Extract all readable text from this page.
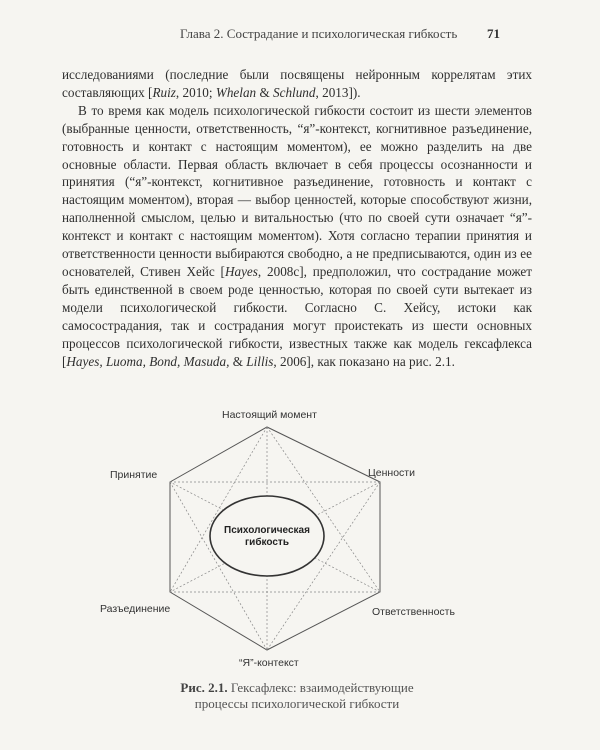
Глава 2. Сострадание и психологическая гибкость 71

исследованиями (последние были посвящены нейронным коррелятам этих составляющих [Ruiz, 2010; Whelan & Schlund, 2013]).

В то время как модель психологической гибкости состоит из шести элементов (выбранные ценности, ответственность, “я”-контекст, когнитивное разъединение, готовность и контакт с настоящим моментом), ее можно разделить на две основные области. Первая область включает в себя процессы осознанности и принятия (“я”-контекст, когнитивное разъединение, готовность и контакт с настоящим моментом), вторая — выбор ценностей, которые способствуют жизни, наполненной смыслом, целью и витальностью (что по своей сути означает “я”-контекст и контакт с настоящим моментом). Хотя согласно терапии принятия и ответственности ценности выбираются свободно, а не предписываются, один из ее основателей, Стивен Хейс [Hayes, 2008c], предположил, что сострадание может быть единственной в своем роде ценностью, которая по своей сути вытекает из модели психологической гибкости. Согласно С. Хейсу, истоки как самосострадания, так и сострадания могут проистекать из шести основных процессов психологической гибкости, известных также как модель гексафлекса [Hayes, Luoma, Bond, Masuda, & Lillis, 2006], как показано на рис. 2.1.

Психологическая
гибкость
Настоящий момент
Ценности
Ответственность
“Я”-контекст
Разъединение
Принятие
Рис. 2.1. Гексафлекс: взаимодействующие
процессы психологической гибкости
